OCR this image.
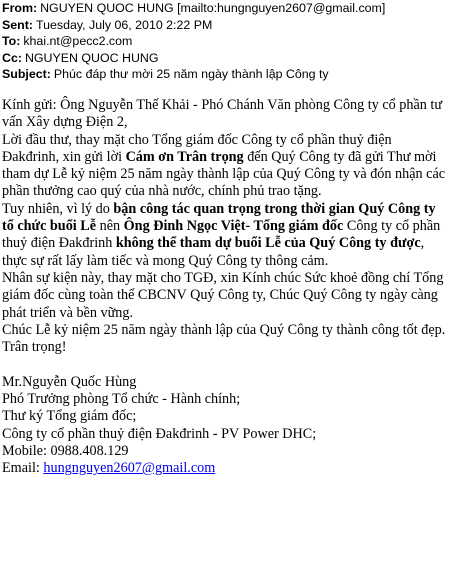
From: NGUYEN QUOC HUNG [mailto:hungnguyen2607@gmail.com]
Sent: Tuesday, July 06, 2010 2:22 PM
To: khai.nt@pecc2.com
Cc: NGUYEN QUOC HUNG
Subject: Phúc đáp thư mời 25 năm ngày thành lập Công ty

Kính gửi: Ông Nguyễn Thế Khải - Phó Chánh Văn phòng Công ty cổ phần tư vấn Xây dựng Điện 2,

Lời đầu thư, thay mặt cho Tổng giám đốc Công ty cổ phần thuỷ điện Đakđrinh, xin gửi lời Cám ơn Trân trọng đến Quý Công ty đã gửi Thư mời tham dự Lễ kỷ niệm 25 năm ngày thành lập của Quý Công ty và đón nhận các phần thưởng cao quý của nhà nước, chính phủ trao tặng.

Tuy nhiên, vì lý do bận công tác quan trọng trong thời gian Quý Công ty tổ chức buổi Lễ nên Ông Đinh Ngọc Việt- Tổng giám đốc Công ty cổ phần thuỷ điện Đakđrinh không thể tham dự buổi Lễ của Quý Công ty được, thực sự rất lấy làm tiếc và mong Quý Công ty thông cảm.

Nhân sự kiện này, thay mặt cho TGĐ, xin Kính chúc Sức khoẻ đồng chí Tổng giám đốc cùng toàn thể CBCNV Quý Công ty, Chúc Quý Công ty ngày càng phát triển và bền vững.

Chúc Lễ kỷ niệm 25 năm ngày thành lập của Quý Công ty thành công tốt đẹp.

Trân trọng!

Mr.Nguyễn Quốc Hùng

Phó Trưởng phòng Tổ chức - Hành chính;

Thư ký Tổng giám đốc;

Công ty cổ phần thuỷ điện Đakđrinh - PV Power DHC;

Mobile: 0988.408.129

Email: hungnguyen2607@gmail.com
